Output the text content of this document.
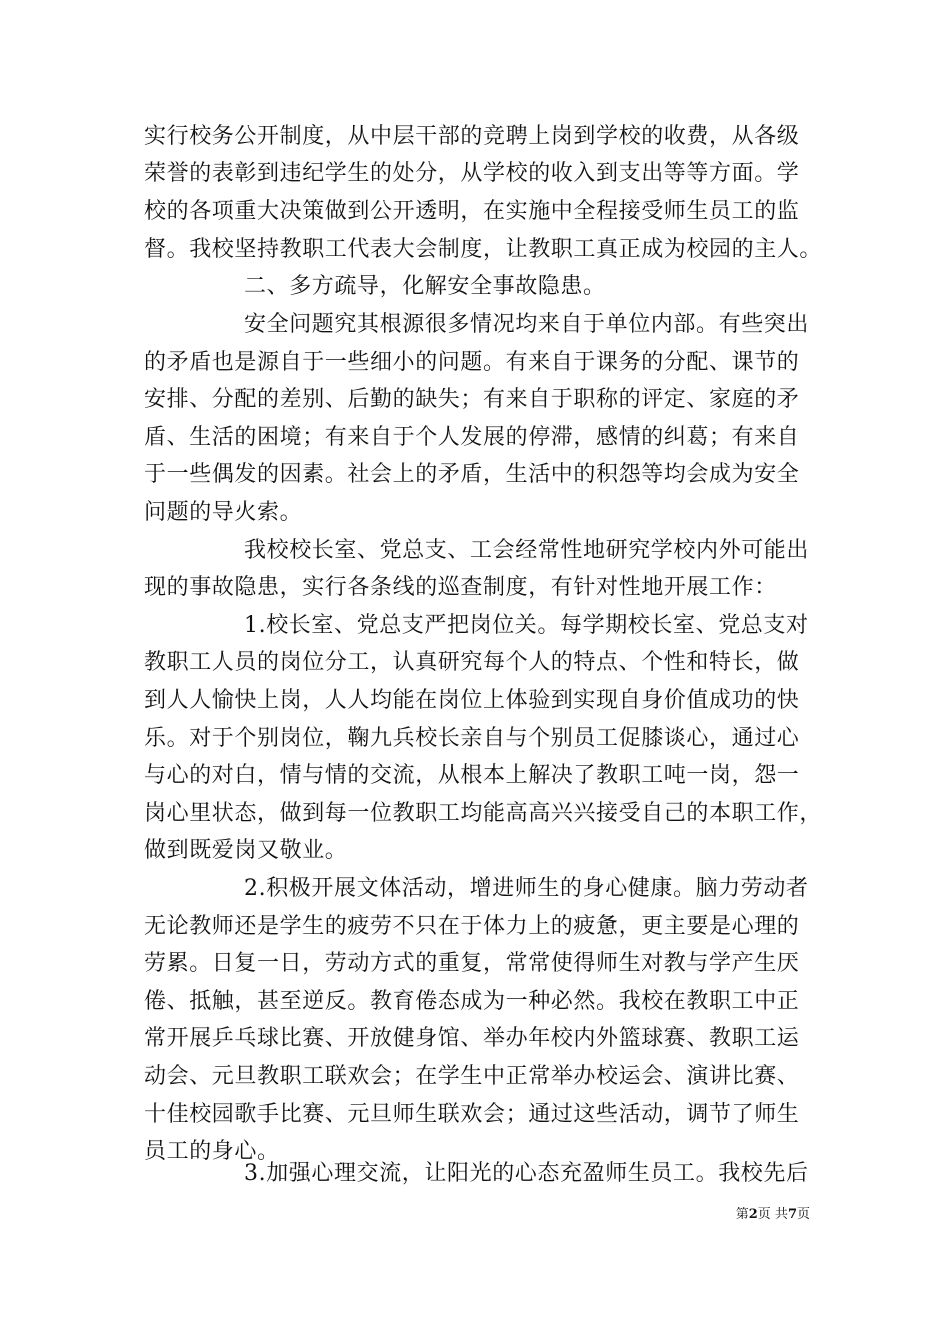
实行校务公开制度，从中层干部的竞聘上岗到学校的收费，从各级
荣誉的表彰到违纪学生的处分，从学校的收入到支出等等方面。学
校的各项重大决策做到公开透明，在实施中全程接受师生员工的监
督。我校坚持教职工代表大会制度，让教职工真正成为校园的主人。
二、多方疏导，化解安全事故隐患。
安全问题究其根源很多情况均来自于单位内部。有些突出
的矛盾也是源自于一些细小的问题。有来自于课务的分配、课节的
安排、分配的差别、后勤的缺失；有来自于职称的评定、家庭的矛
盾、生活的困境；有来自于个人发展的停滞，感情的纠葛；有来自
于一些偶发的因素。社会上的矛盾，生活中的积怨等均会成为安全
问题的导火索。
我校校长室、党总支、工会经常性地研究学校内外可能出
现的事故隐患，实行各条线的巡查制度，有针对性地开展工作：
1.校长室、党总支严把岗位关。每学期校长室、党总支对
教职工人员的岗位分工，认真研究每个人的特点、个性和特长，做
到人人愉快上岗，人人均能在岗位上体验到实现自身价值成功的快
乐。对于个别岗位，鞠九兵校长亲自与个别员工促膝谈心，通过心
与心的对白，情与情的交流，从根本上解决了教职工吨一岗，怨一
岗心里状态，做到每一位教职工均能高高兴兴接受自己的本职工作，
做到既爱岗又敬业。
2.积极开展文体活动，增进师生的身心健康。脑力劳动者
无论教师还是学生的疲劳不只在于体力上的疲惫，更主要是心理的
劳累。日复一日，劳动方式的重复，常常使得师生对教与学产生厌
倦、抵触，甚至逆反。教育倦态成为一种必然。我校在教职工中正
常开展乒乓球比赛、开放健身馆、举办年校内外篮球赛、教职工运
动会、元旦教职工联欢会；在学生中正常举办校运会、演讲比赛、
十佳校园歌手比赛、元旦师生联欢会；通过这些活动，调节了师生
员工的身心。
3.加强心理交流，让阳光的心态充盈师生员工。我校先后
第2页 共7页
